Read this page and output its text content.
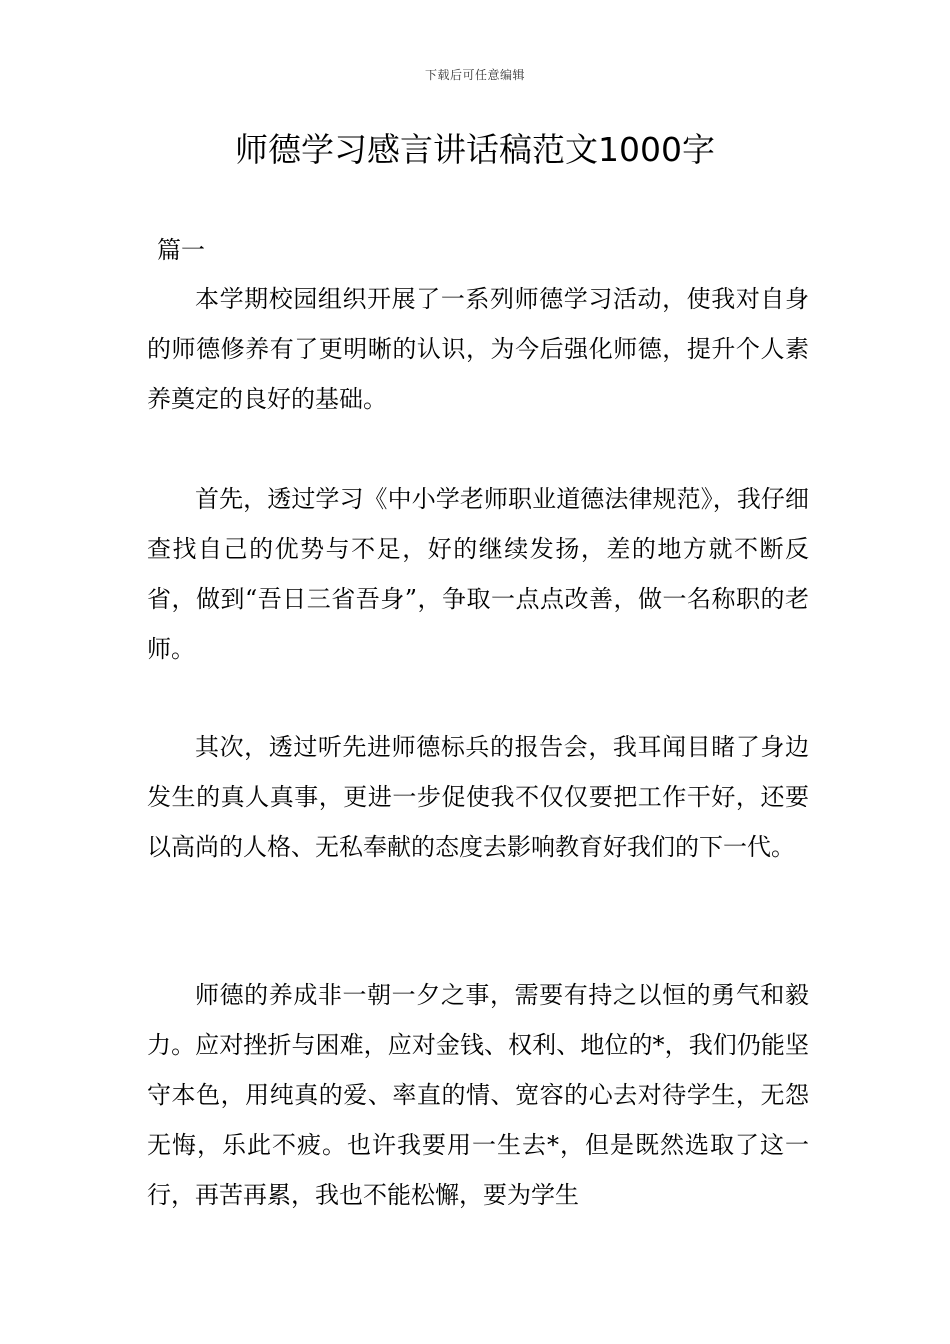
下载后可任意编辑
师德学习感言讲话稿范文1000字
篇一

本学期校园组织开展了一系列师德学习活动，使我对自身的师德修养有了更明晰的认识，为今后强化师德，提升个人素养奠定的良好的基础。

首先，透过学习《中小学老师职业道德法律规范》，我仔细查找自己的优势与不足，好的继续发扬，差的地方就不断反省，做到“吾日三省吾身”，争取一点点改善，做一名称职的老师。

其次，透过听先进师德标兵的报告会，我耳闻目睹了身边发生的真人真事，更进一步促使我不仅仅要把工作干好，还要以高尚的人格、无私奉献的态度去影响教育好我们的下一代。

师德的养成非一朝一夕之事，需要有持之以恒的勇气和毅力。应对挫折与困难，应对金钱、权利、地位的*，我们仍能坚守本色，用纯真的爱、率直的情、宽容的心去对待学生，无怨无悔，乐此不疲。也许我要用一生去*，但是既然选取了这一行，再苦再累，我也不能松懈，要为学生
